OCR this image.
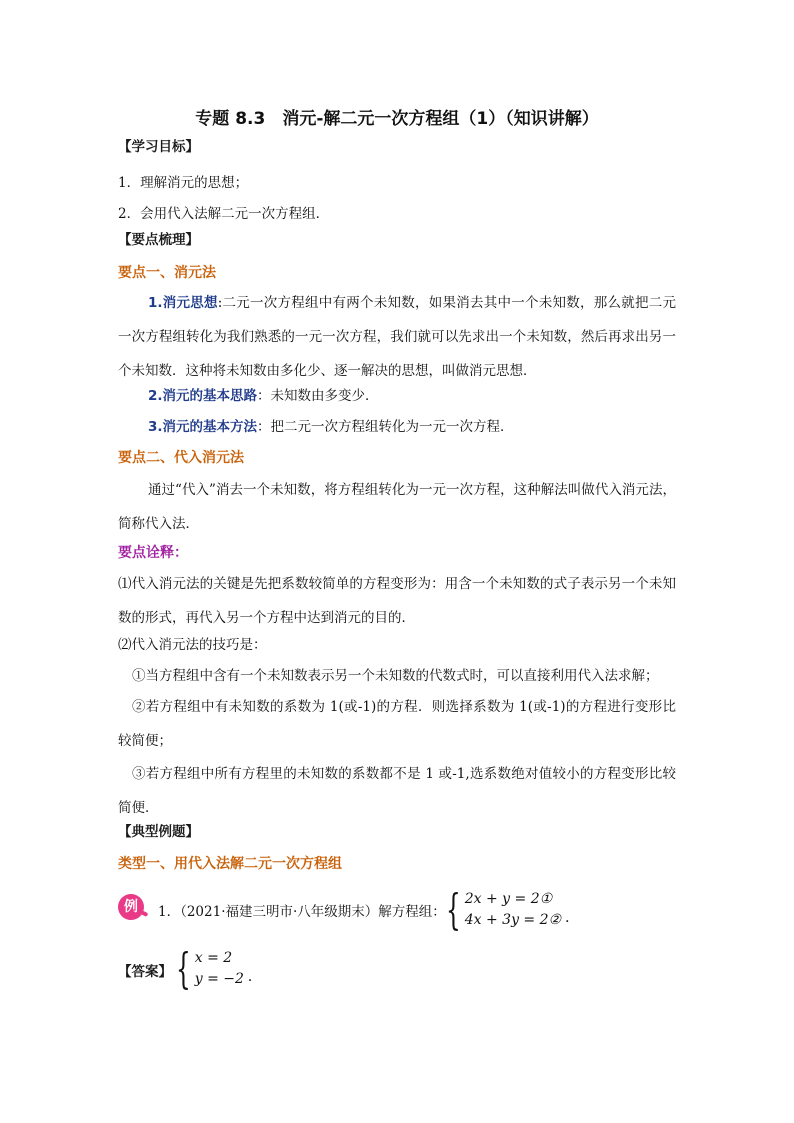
专题 8.3　消元-解二元一次方程组（1）（知识讲解）
【学习目标】
1．理解消元的思想；
2．会用代入法解二元一次方程组．
【要点梳理】
要点一、消元法
1.消元思想:二元一次方程组中有两个未知数，如果消去其中一个未知数，那么就把二元一次方程组转化为我们熟悉的一元一次方程，我们就可以先求出一个未知数，然后再求出另一个未知数．这种将未知数由多化少、逐一解决的思想，叫做消元思想．
2.消元的基本思路：未知数由多变少．
3.消元的基本方法：把二元一次方程组转化为一元一次方程．
要点二、代入消元法
通过“代入”消去一个未知数，将方程组转化为一元一次方程，这种解法叫做代入消元法，简称代入法．
要点诠释：
⑴代入消元法的关键是先把系数较简单的方程变形为：用含一个未知数的式子表示另一个未知数的形式，再代入另一个方程中达到消元的目的．
⑵代入消元法的技巧是：
①当方程组中含有一个未知数表示另一个未知数的代数式时，可以直接利用代入法求解；
②若方程组中有未知数的系数为 1(或-1)的方程．则选择系数为 1(或-1)的方程进行变形比较简便；
③若方程组中所有方程里的未知数的系数都不是 1 或-1,选系数绝对值较小的方程变形比较简便．
【典型例题】
类型一、用代入法解二元一次方程组
例	1．（2021·福建三明市·八年级期末）解方程组： { 2x + y = 2①
4x + 3y = 2② ．
【答案】 { x = 2
y = −2 ．
